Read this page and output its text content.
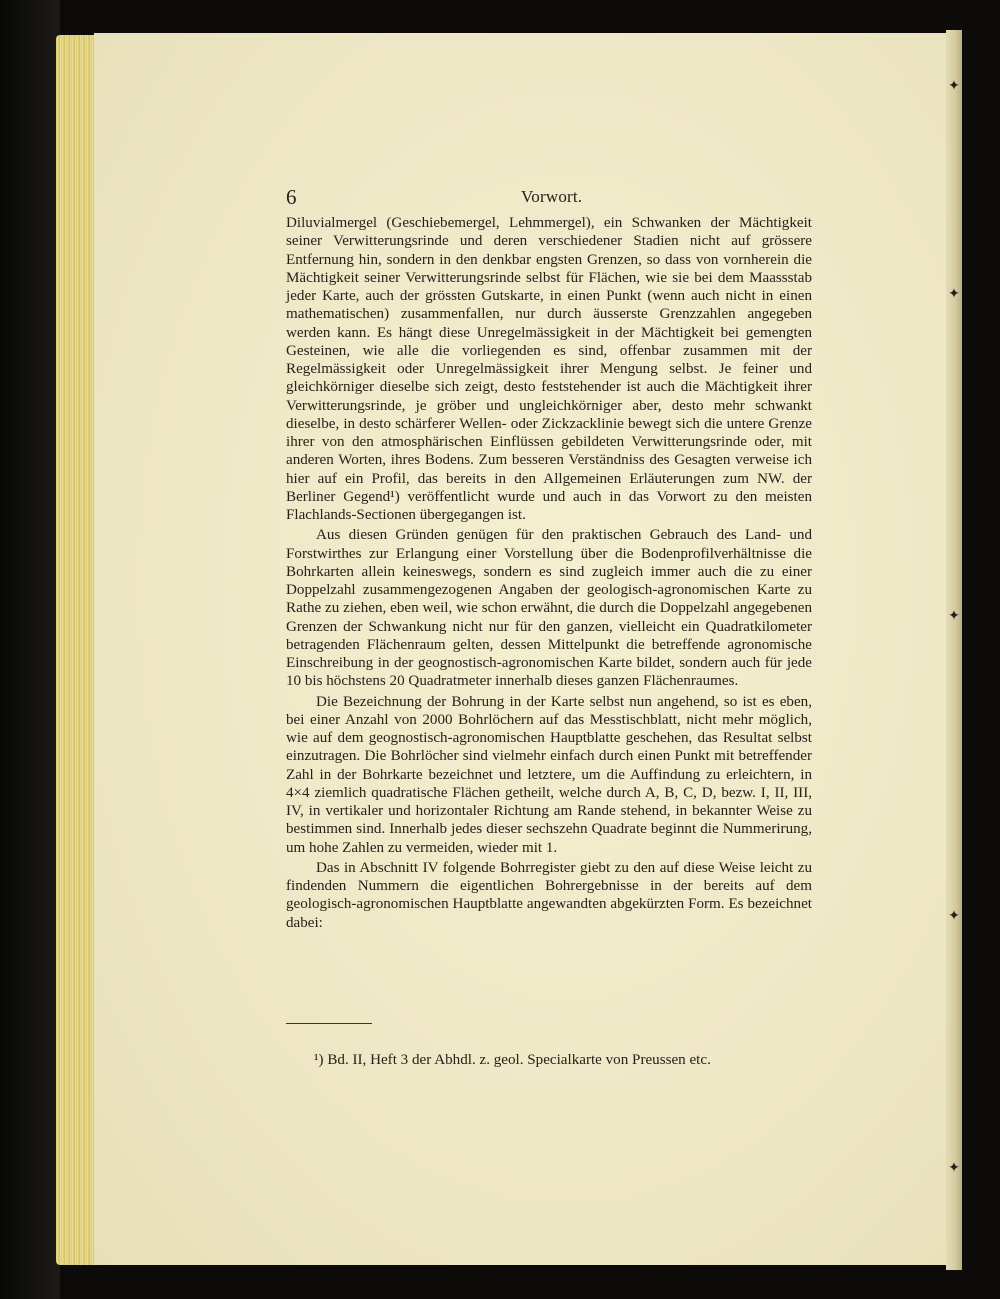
✦
✦
✦
✦
✦
6	Vorwort.

Diluvialmergel (Geschiebemergel, Lehmmergel), ein Schwanken der Mächtigkeit seiner Verwitterungsrinde und deren verschiedener Stadien nicht auf grössere Entfernung hin, sondern in den denkbar engsten Grenzen, so dass von vornherein die Mächtigkeit seiner Verwitterungsrinde selbst für Flächen, wie sie bei dem Maassstab jeder Karte, auch der grössten Gutskarte, in einen Punkt (wenn auch nicht in einen mathematischen) zusammenfallen, nur durch äusserste Grenzzahlen angegeben werden kann. Es hängt diese Unregelmässigkeit in der Mächtigkeit bei gemengten Gesteinen, wie alle die vorliegenden es sind, offenbar zusammen mit der Regelmässigkeit oder Unregelmässigkeit ihrer Mengung selbst. Je feiner und gleichkörniger dieselbe sich zeigt, desto feststehender ist auch die Mächtigkeit ihrer Verwitterungsrinde, je gröber und ungleichkörniger aber, desto mehr schwankt dieselbe, in desto schärferer Wellen- oder Zickzacklinie bewegt sich die untere Grenze ihrer von den atmosphärischen Einflüssen gebildeten Verwitterungsrinde oder, mit anderen Worten, ihres Bodens. Zum besseren Verständniss des Gesagten verweise ich hier auf ein Profil, das bereits in den Allgemeinen Erläuterungen zum NW. der Berliner Gegend¹) veröffentlicht wurde und auch in das Vorwort zu den meisten Flachlands-Sectionen übergegangen ist.

Aus diesen Gründen genügen für den praktischen Gebrauch des Land- und Forstwirthes zur Erlangung einer Vorstellung über die Bodenprofilverhältnisse die Bohrkarten allein keineswegs, sondern es sind zugleich immer auch die zu einer Doppelzahl zusammengezogenen Angaben der geologisch-agronomischen Karte zu Rathe zu ziehen, eben weil, wie schon erwähnt, die durch die Doppelzahl angegebenen Grenzen der Schwankung nicht nur für den ganzen, vielleicht ein Quadratkilometer betragenden Flächenraum gelten, dessen Mittelpunkt die betreffende agronomische Einschreibung in der geognostisch-agronomischen Karte bildet, sondern auch für jede 10 bis höchstens 20 Quadratmeter innerhalb dieses ganzen Flächenraumes.

Die Bezeichnung der Bohrung in der Karte selbst nun angehend, so ist es eben, bei einer Anzahl von 2000 Bohrlöchern auf das Messtischblatt, nicht mehr möglich, wie auf dem geognostisch-agronomischen Hauptblatte geschehen, das Resultat selbst einzutragen. Die Bohrlöcher sind vielmehr einfach durch einen Punkt mit betreffender Zahl in der Bohrkarte bezeichnet und letztere, um die Auffindung zu erleichtern, in 4×4 ziemlich quadratische Flächen getheilt, welche durch A, B, C, D, bezw. I, II, III, IV, in vertikaler und horizontaler Richtung am Rande stehend, in bekannter Weise zu bestimmen sind. Innerhalb jedes dieser sechszehn Quadrate beginnt die Nummerirung, um hohe Zahlen zu vermeiden, wieder mit 1.

Das in Abschnitt IV folgende Bohrregister giebt zu den auf diese Weise leicht zu findenden Nummern die eigentlichen Bohrergebnisse in der bereits auf dem geologisch-agronomischen Hauptblatte angewandten abgekürzten Form. Es bezeichnet dabei:

¹) Bd. II, Heft 3 der Abhdl. z. geol. Specialkarte von Preussen etc.
